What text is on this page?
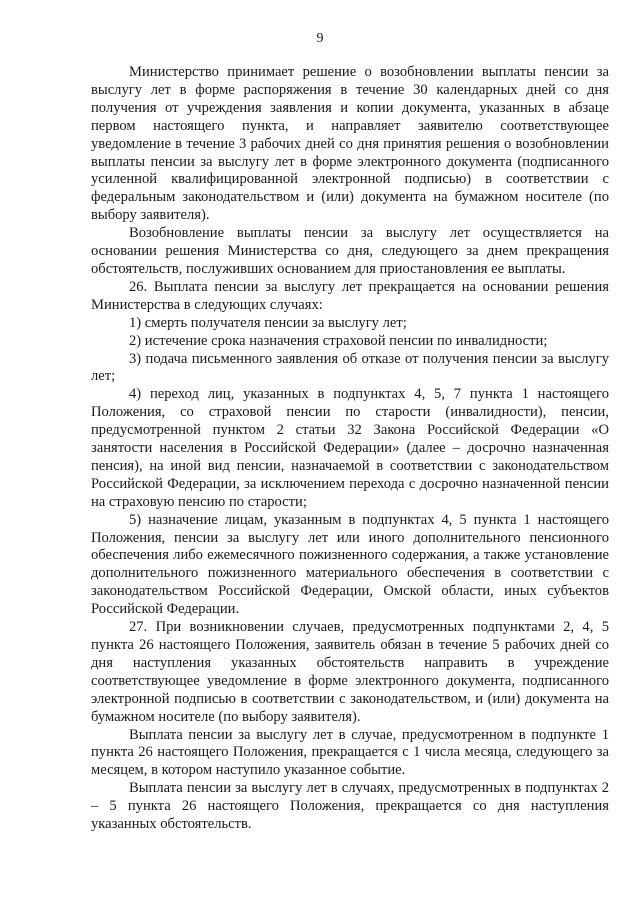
9

Министерство принимает решение о возобновлении выплаты пенсии за выслугу лет в форме распоряжения в течение 30 календарных дней со дня получения от учреждения заявления и копии документа, указанных в абзаце первом настоящего пункта, и направляет заявителю соответствующее уведомление в течение 3 рабочих дней со дня принятия решения о возобновлении выплаты пенсии за выслугу лет в форме электронного документа (подписанного усиленной квалифицированной электронной подписью) в соответствии с федеральным законодательством и (или) документа на бумажном носителе (по выбору заявителя).

Возобновление выплаты пенсии за выслугу лет осуществляется на основании решения Министерства со дня, следующего за днем прекращения обстоятельств, послуживших основанием для приостановления ее выплаты.

26. Выплата пенсии за выслугу лет прекращается на основании решения Министерства в следующих случаях:

1) смерть получателя пенсии за выслугу лет;

2) истечение срока назначения страховой пенсии по инвалидности;

3) подача письменного заявления об отказе от получения пенсии за выслугу лет;

4) переход лиц, указанных в подпунктах 4, 5, 7 пункта 1 настоящего Положения, со страховой пенсии по старости (инвалидности), пенсии, предусмотренной пунктом 2 статьи 32 Закона Российской Федерации «О занятости населения в Российской Федерации» (далее – досрочно назначенная пенсия), на иной вид пенсии, назначаемой в соответствии с законодательством Российской Федерации, за исключением перехода с досрочно назначенной пенсии на страховую пенсию по старости;

5) назначение лицам, указанным в подпунктах 4, 5 пункта 1 настоящего Положения, пенсии за выслугу лет или иного дополнительного пенсионного обеспечения либо ежемесячного пожизненного содержания, а также установление дополнительного пожизненного материального обеспечения в соответствии с законодательством Российской Федерации, Омской области, иных субъектов Российской Федерации.

27. При возникновении случаев, предусмотренных подпунктами 2, 4, 5 пункта 26 настоящего Положения, заявитель обязан в течение 5 рабочих дней со дня наступления указанных обстоятельств направить в учреждение соответствующее уведомление в форме электронного документа, подписанного электронной подписью в соответствии с законодательством, и (или) документа на бумажном носителе (по выбору заявителя).

Выплата пенсии за выслугу лет в случае, предусмотренном в подпункте 1 пункта 26 настоящего Положения, прекращается с 1 числа месяца, следующего за месяцем, в котором наступило указанное событие.

Выплата пенсии за выслугу лет в случаях, предусмотренных в подпунктах 2 – 5 пункта 26 настоящего Положения, прекращается со дня наступления указанных обстоятельств.
